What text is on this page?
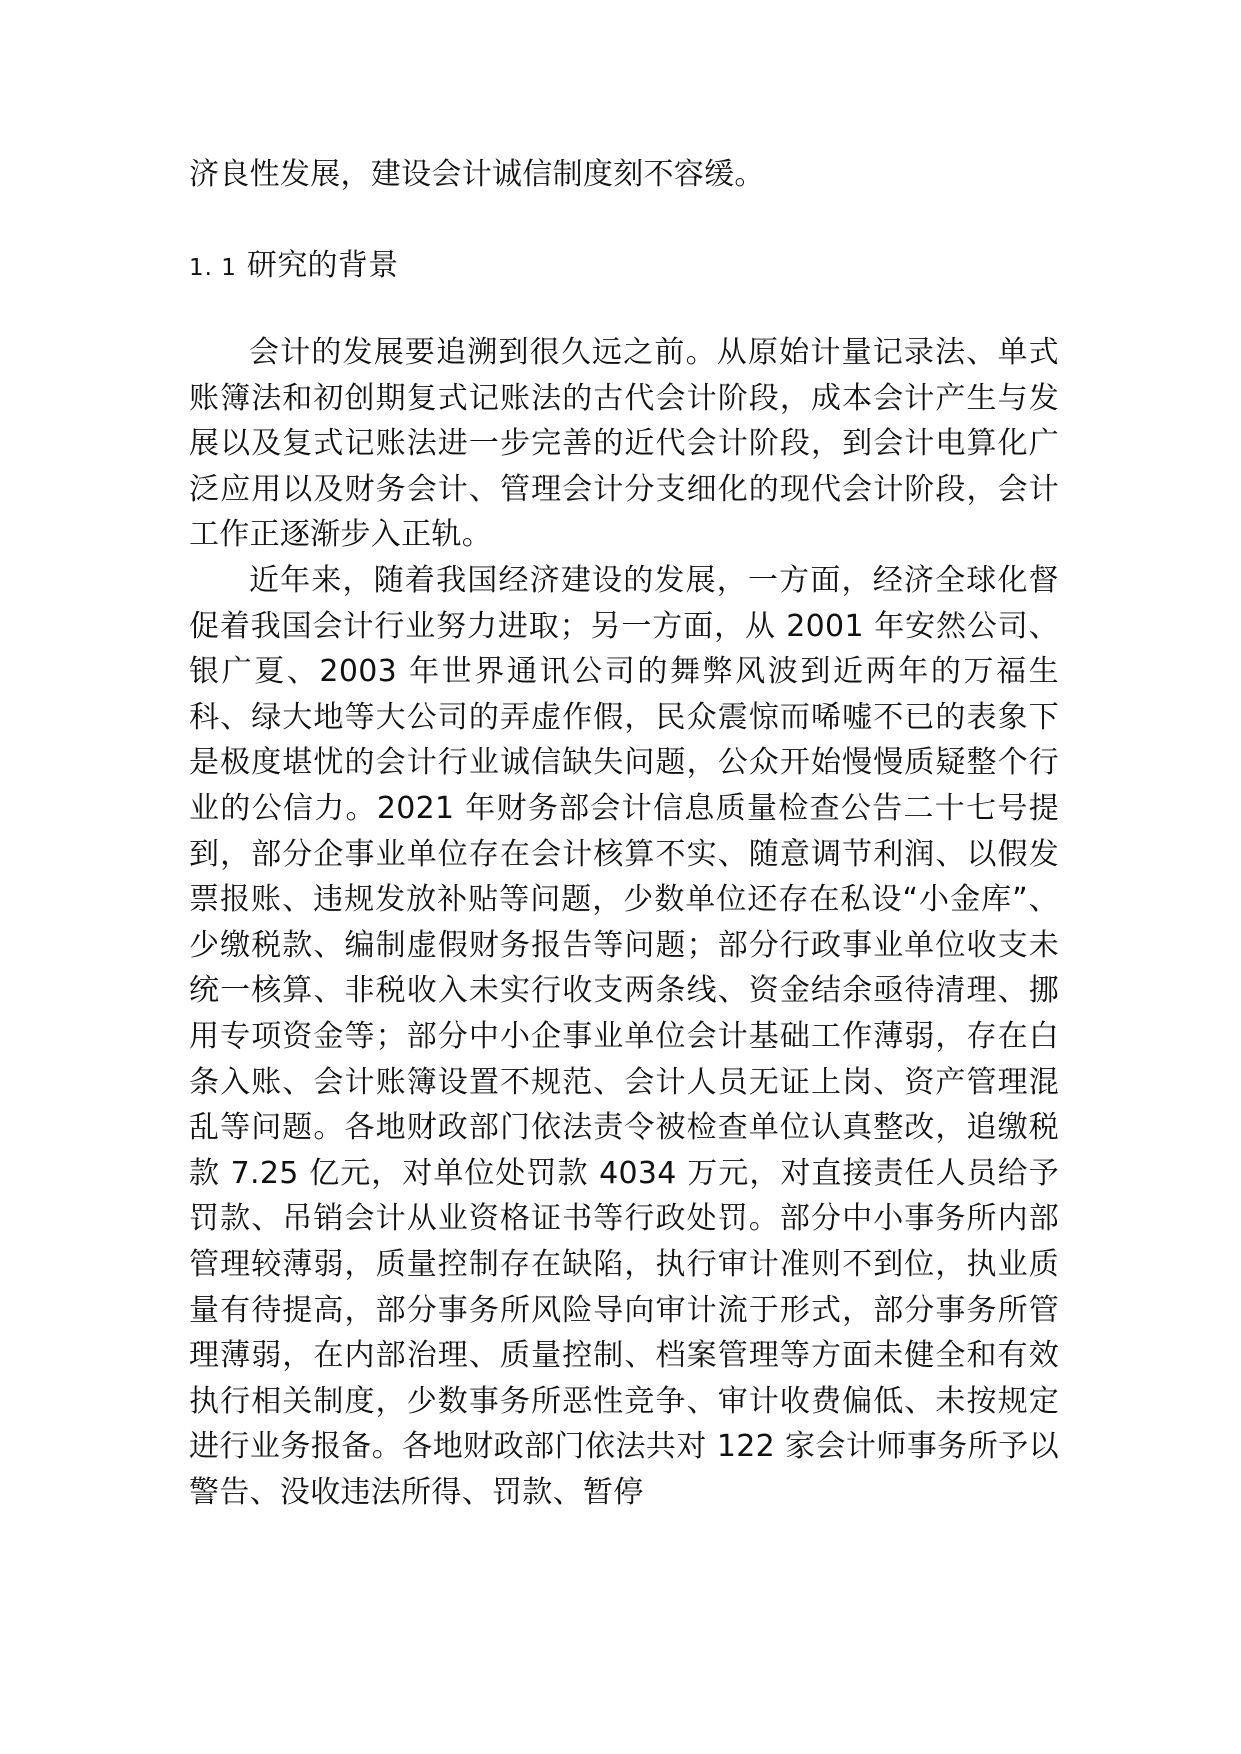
济良性发展，建设会计诚信制度刻不容缓。
1. 1 研究的背景
会计的发展要追溯到很久远之前。从原始计量记录法、单式账簿法和初创期复式记账法的古代会计阶段，成本会计产生与发展以及复式记账法进一步完善的近代会计阶段，到会计电算化广泛应用以及财务会计、管理会计分支细化的现代会计阶段，会计工作正逐渐步入正轨。
近年来，随着我国经济建设的发展，一方面，经济全球化督促着我国会计行业努力进取；另一方面，从 2001 年安然公司、银广夏、2003 年世界通讯公司的舞弊风波到近两年的万福生科、绿大地等大公司的弄虚作假，民众震惊而唏嘘不已的表象下是极度堪忧的会计行业诚信缺失问题，公众开始慢慢质疑整个行业的公信力。2021 年财务部会计信息质量检查公告二十七号提到，部分企事业单位存在会计核算不实、随意调节利润、以假发票报账、违规发放补贴等问题，少数单位还存在私设“小金库”、少缴税款、编制虚假财务报告等问题；部分行政事业单位收支未统一核算、非税收入未实行收支两条线、资金结余亟待清理、挪用专项资金等；部分中小企事业单位会计基础工作薄弱，存在白条入账、会计账簿设置不规范、会计人员无证上岗、资产管理混乱等问题。各地财政部门依法责令被检查单位认真整改，追缴税款 7.25 亿元，对单位处罚款 4034 万元，对直接责任人员给予罚款、吊销会计从业资格证书等行政处罚。部分中小事务所内部管理较薄弱，质量控制存在缺陷，执行审计准则不到位，执业质量有待提高，部分事务所风险导向审计流于形式，部分事务所管理薄弱，在内部治理、质量控制、档案管理等方面未健全和有效执行相关制度，少数事务所恶性竞争、审计收费偏低、未按规定进行业务报备。各地财政部门依法共对 122 家会计师事务所予以警告、没收违法所得、罚款、暂停
